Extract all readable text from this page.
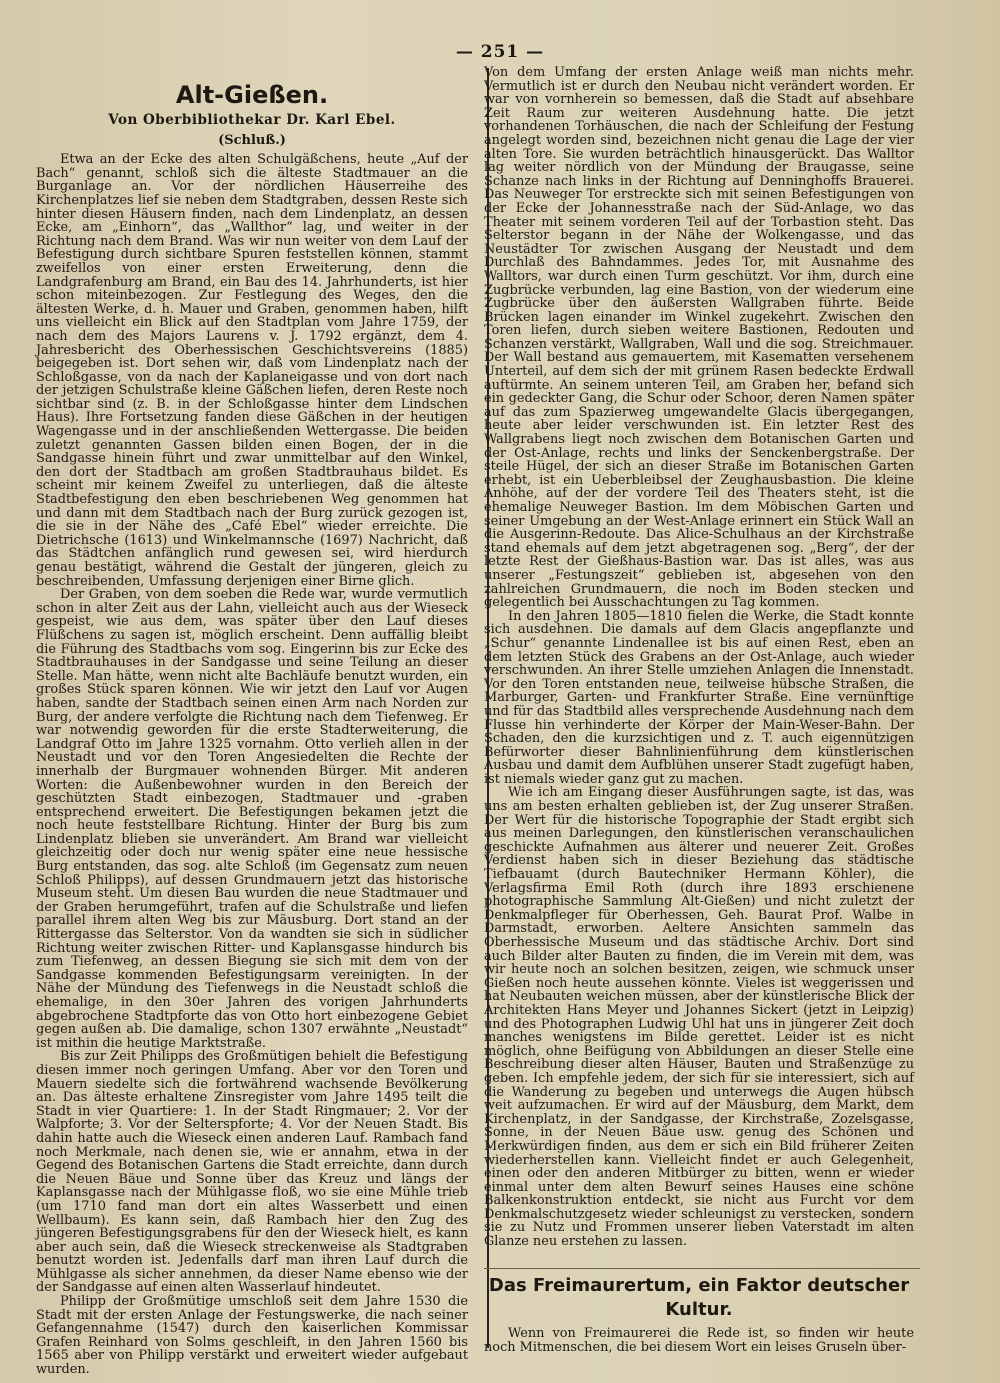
— 251 —
Alt-Gießen.
Von Oberbibliothekar Dr. Karl Ebel.
(Schluß.)

Etwa an der Ecke des alten Schulgäßchens, heute „Auf der Bach“ genannt, schloß sich die älteste Stadtmauer an die Burganlage an. Vor der nördlichen Häuserreihe des Kirchenplatzes lief sie neben dem Stadtgraben, dessen Reste sich hinter diesen Häusern finden, nach dem Lindenplatz, an dessen Ecke, am „Einhorn“, das „Wallthor“ lag, und weiter in der Richtung nach dem Brand. Was wir nun weiter von dem Lauf der Befestigung durch sichtbare Spuren feststellen können, stammt zweifellos von einer ersten Erweiterung, denn die Landgrafenburg am Brand, ein Bau des 14. Jahrhunderts, ist hier schon miteinbezogen. Zur Festlegung des Weges, den die ältesten Werke, d. h. Mauer und Graben, genommen haben, hilft uns vielleicht ein Blick auf den Stadtplan vom Jahre 1759, der nach dem des Majors Laurens v. J. 1792 ergänzt, dem 4. Jahresbericht des Oberhessischen Geschichtsvereins (1885) beigegeben ist. Dort sehen wir, daß vom Lindenplatz nach der Schloßgasse, von da nach der Kaplaneigasse und von dort nach der jetzigen Schulstraße kleine Gäßchen liefen, deren Reste noch sichtbar sind (z. B. in der Schloßgasse hinter dem Lindschen Haus). Ihre Fortsetzung fanden diese Gäßchen in der heutigen Wagengasse und in der anschließenden Wettergasse. Die beiden zuletzt genannten Gassen bilden einen Bogen, der in die Sandgasse hinein führt und zwar unmittelbar auf den Winkel, den dort der Stadtbach am großen Stadtbrauhaus bildet. Es scheint mir keinem Zweifel zu unterliegen, daß die älteste Stadtbefestigung den eben beschriebenen Weg genommen hat und dann mit dem Stadtbach nach der Burg zurück gezogen ist, die sie in der Nähe des „Café Ebel“ wieder erreichte. Die Dietrichsche (1613) und Winkelmannsche (1697) Nachricht, daß das Städtchen anfänglich rund gewesen sei, wird hierdurch genau bestätigt, während die Gestalt der jüngeren, gleich zu beschreibenden, Umfassung derjenigen einer Birne glich.

Der Graben, von dem soeben die Rede war, wurde vermutlich schon in alter Zeit aus der Lahn, vielleicht auch aus der Wieseck gespeist, wie aus dem, was später über den Lauf dieses Flüßchens zu sagen ist, möglich erscheint. Denn auffällig bleibt die Führung des Stadtbachs vom sog. Eingerinn bis zur Ecke des Stadtbrauhauses in der Sandgasse und seine Teilung an dieser Stelle. Man hätte, wenn nicht alte Bachläufe benutzt wurden, ein großes Stück sparen können. Wie wir jetzt den Lauf vor Augen haben, sandte der Stadtbach seinen einen Arm nach Norden zur Burg, der andere verfolgte die Richtung nach dem Tiefenweg. Er war notwendig geworden für die erste Stadterweiterung, die Landgraf Otto im Jahre 1325 vornahm. Otto verlieh allen in der Neustadt und vor den Toren Angesiedelten die Rechte der innerhalb der Burgmauer wohnenden Bürger. Mit anderen Worten: die Außenbewohner wurden in den Bereich der geschützten Stadt einbezogen, Stadtmauer und -graben entsprechend erweitert. Die Befestigungen bekamen jetzt die noch heute feststellbare Richtung. Hinter der Burg bis zum Lindenplatz blieben sie unverändert. Am Brand war vielleicht gleichzeitig oder doch nur wenig später eine neue hessische Burg entstanden, das sog. alte Schloß (im Gegensatz zum neuen Schloß Philipps), auf dessen Grundmauern jetzt das historische Museum steht. Um diesen Bau wurden die neue Stadtmauer und der Graben herumgeführt, trafen auf die Schulstraße und liefen parallel ihrem alten Weg bis zur Mäusburg. Dort stand an der Rittergasse das Selterstor. Von da wandten sie sich in südlicher Richtung weiter zwischen Ritter- und Kaplansgasse hindurch bis zum Tiefenweg, an dessen Biegung sie sich mit dem von der Sandgasse kommenden Befestigungsarm vereinigten. In der Nähe der Mündung des Tiefenwegs in die Neustadt schloß die ehemalige, in den 30er Jahren des vorigen Jahrhunderts abgebrochene Stadtpforte das von Otto hort einbezogene Gebiet gegen außen ab. Die damalige, schon 1307 erwähnte „Neustadt“ ist mithin die heutige Marktstraße.

Bis zur Zeit Philipps des Großmütigen behielt die Befestigung diesen immer noch geringen Umfang. Aber vor den Toren und Mauern siedelte sich die fortwährend wachsende Bevölkerung an. Das älteste erhaltene Zinsregister vom Jahre 1495 teilt die Stadt in vier Quartiere: 1. In der Stadt Ringmauer; 2. Vor der Walpforte; 3. Vor der Selterspforte; 4. Vor der Neuen Stadt. Bis dahin hatte auch die Wieseck einen anderen Lauf. Rambach fand noch Merkmale, nach denen sie, wie er annahm, etwa in der Gegend des Botanischen Gartens die Stadt erreichte, dann durch die Neuen Bäue und Sonne über das Kreuz und längs der Kaplansgasse nach der Mühlgasse floß, wo sie eine Mühle trieb (um 1710 fand man dort ein altes Wasserbett und einen Wellbaum). Es kann sein, daß Rambach hier den Zug des jüngeren Befestigungsgrabens für den der Wieseck hielt, es kann aber auch sein, daß die Wieseck streckenweise als Stadtgraben benutzt worden ist. Jedenfalls darf man ihren Lauf durch die Mühlgasse als sicher annehmen, da dieser Name ebenso wie der der Sandgasse auf einen alten Wasserlauf hindeutet.

Philipp der Großmütige umschloß seit dem Jahre 1530 die Stadt mit der ersten Anlage der Festungswerke, die nach seiner Gefangennahme (1547) durch den kaiserlichen Kommissar Grafen Reinhard von Solms geschleift, in den Jahren 1560 bis 1565 aber von Philipp verstärkt und erweitert wieder aufgebaut wurden.

Von dem Umfang der ersten Anlage weiß man nichts mehr. Vermutlich ist er durch den Neubau nicht verändert worden. Er war von vornherein so bemessen, daß die Stadt auf absehbare Zeit Raum zur weiteren Ausdehnung hatte. Die jetzt vorhandenen Torhäuschen, die nach der Schleifung der Festung angelegt worden sind, bezeichnen nicht genau die Lage der vier alten Tore. Sie wurden beträchtlich hinausgerückt. Das Walltor lag weiter nördlich von der Mündung der Braugasse, seine Schanze nach links in der Richtung auf Denninghoffs Brauerei. Das Neuweger Tor erstreckte sich mit seinen Befestigungen von der Ecke der Johannesstraße nach der Süd-Anlage, wo das Theater mit seinem vorderen Teil auf der Torbastion steht. Das Selterstor begann in der Nähe der Wolkengasse, und das Neustädter Tor zwischen Ausgang der Neustadt und dem Durchlaß des Bahndammes. Jedes Tor, mit Ausnahme des Walltors, war durch einen Turm geschützt. Vor ihm, durch eine Zugbrücke verbunden, lag eine Bastion, von der wiederum eine Zugbrücke über den äußersten Wallgraben führte. Beide Brücken lagen einander im Winkel zugekehrt. Zwischen den Toren liefen, durch sieben weitere Bastionen, Redouten und Schanzen verstärkt, Wallgraben, Wall und die sog. Streichmauer. Der Wall bestand aus gemauertem, mit Kasematten versehenem Unterteil, auf dem sich der mit grünem Rasen bedeckte Erdwall auftürmte. An seinem unteren Teil, am Graben her, befand sich ein gedeckter Gang, die Schur oder Schoor, deren Namen später auf das zum Spazierweg umgewandelte Glacis übergegangen, heute aber leider verschwunden ist. Ein letzter Rest des Wallgrabens liegt noch zwischen dem Botanischen Garten und der Ost-Anlage, rechts und links der Senckenbergstraße. Der steile Hügel, der sich an dieser Straße im Botanischen Garten erhebt, ist ein Ueberbleibsel der Zeughausbastion. Die kleine Anhöhe, auf der der vordere Teil des Theaters steht, ist die ehemalige Neuweger Bastion. Im dem Möbischen Garten und seiner Umgebung an der West-Anlage erinnert ein Stück Wall an die Ausgerinn-Redoute. Das Alice-Schulhaus an der Kirchstraße stand ehemals auf dem jetzt abgetragenen sog. „Berg“, der der letzte Rest der Gießhaus-Bastion war. Das ist alles, was aus unserer „Festungszeit“ geblieben ist, abgesehen von den zahlreichen Grundmauern, die noch im Boden stecken und gelegentlich bei Ausschachtungen zu Tag kommen.

In den Jahren 1805—1810 fielen die Werke, die Stadt konnte sich ausdehnen. Die damals auf dem Glacis angepflanzte und „Schur“ genannte Lindenallee ist bis auf einen Rest, eben an dem letzten Stück des Grabens an der Ost-Anlage, auch wieder verschwunden. An ihrer Stelle umziehen Anlagen die Innenstadt. Vor den Toren entstanden neue, teilweise hübsche Straßen, die Marburger, Garten- und Frankfurter Straße. Eine vernünftige und für das Stadtbild alles versprechende Ausdehnung nach dem Flusse hin verhinderte der Körper der Main-Weser-Bahn. Der Schaden, den die kurzsichtigen und z. T. auch eigennützigen Befürworter dieser Bahnlinienführung dem künstlerischen Ausbau und damit dem Aufblühen unserer Stadt zugefügt haben, ist niemals wieder ganz gut zu machen.

Wie ich am Eingang dieser Ausführungen sagte, ist das, was uns am besten erhalten geblieben ist, der Zug unserer Straßen. Der Wert für die historische Topographie der Stadt ergibt sich aus meinen Darlegungen, den künstlerischen veranschaulichen geschickte Aufnahmen aus älterer und neuerer Zeit. Großes Verdienst haben sich in dieser Beziehung das städtische Tiefbauamt (durch Bautechniker Hermann Köhler), die Verlagsfirma Emil Roth (durch ihre 1893 erschienene photographische Sammlung Alt-Gießen) und nicht zuletzt der Denkmalpfleger für Oberhessen, Geh. Baurat Prof. Walbe in Darmstadt, erworben. Aeltere Ansichten sammeln das Oberhessische Museum und das städtische Archiv. Dort sind auch Bilder alter Bauten zu finden, die im Verein mit dem, was wir heute noch an solchen besitzen, zeigen, wie schmuck unser Gießen noch heute aussehen könnte. Vieles ist weggerissen und hat Neubauten weichen müssen, aber der künstlerische Blick der Architekten Hans Meyer und Johannes Sickert (jetzt in Leipzig) und des Photographen Ludwig Uhl hat uns in jüngerer Zeit doch manches wenigstens im Bilde gerettet. Leider ist es nicht möglich, ohne Beifügung von Abbildungen an dieser Stelle eine Beschreibung dieser alten Häuser, Bauten und Straßenzüge zu geben. Ich empfehle jedem, der sich für sie interessiert, sich auf die Wanderung zu begeben und unterwegs die Augen hübsch weit aufzumachen. Er wird auf der Mäusburg, dem Markt, dem Kirchenplatz, in der Sandgasse, der Kirchstraße, Zozelsgasse, Sonne, in der Neuen Bäue usw. genug des Schönen und Merkwürdigen finden, aus dem er sich ein Bild früherer Zeiten wiederherstellen kann. Vielleicht findet er auch Gelegenheit, einen oder den anderen Mitbürger zu bitten, wenn er wieder einmal unter dem alten Bewurf seines Hauses eine schöne Balkenkonstruktion entdeckt, sie nicht aus Furcht vor dem Denkmalschutzgesetz wieder schleunigst zu verstecken, sondern sie zu Nutz und Frommen unserer lieben Vaterstadt im alten Glanze neu erstehen zu lassen.

Das Freimaurertum, ein Faktor deutscher Kultur.

Wenn von Freimaurerei die Rede ist, so finden wir heute noch Mitmenschen, die bei diesem Wort ein leises Gruseln über-
